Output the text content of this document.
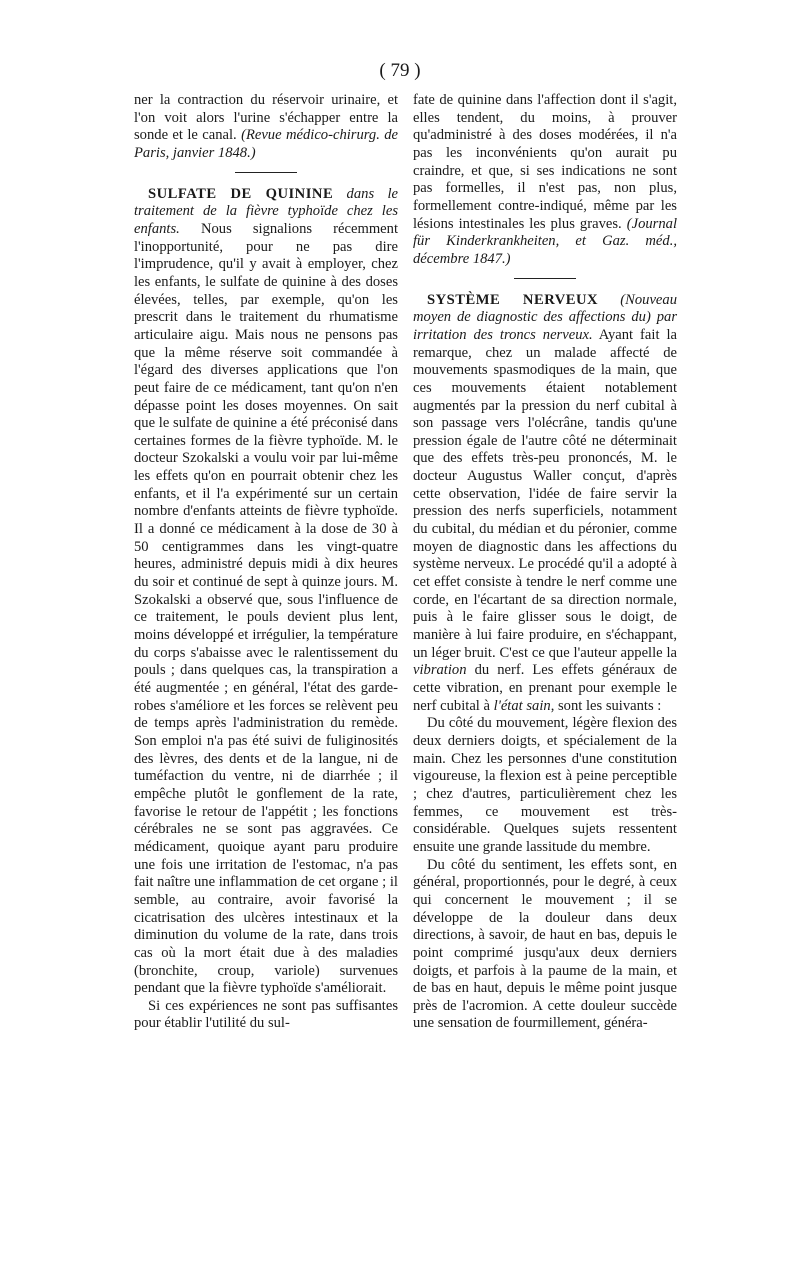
( 79 )

ner la contraction du réservoir urinaire, et l'on voit alors l'urine s'échapper entre la sonde et le canal. (Revue médico-chirurg. de Paris, janvier 1848.)

SULFATE DE QUININE dans le traitement de la fièvre typhoïde chez les enfants. Nous signalions récemment l'inopportunité, pour ne pas dire l'imprudence, qu'il y avait à employer, chez les enfants, le sulfate de quinine à des doses élevées, telles, par exemple, qu'on les prescrit dans le traitement du rhumatisme articulaire aigu. Mais nous ne pensons pas que la même réserve soit commandée à l'égard des diverses applications que l'on peut faire de ce médicament, tant qu'on n'en dépasse point les doses moyennes. On sait que le sulfate de quinine a été préconisé dans certaines formes de la fièvre typhoïde. M. le docteur Szokalski a voulu voir par lui-même les effets qu'on en pourrait obtenir chez les enfants, et il l'a expérimenté sur un certain nombre d'enfants atteints de fièvre typhoïde. Il a donné ce médicament à la dose de 30 à 50 centigrammes dans les vingt-quatre heures, administré depuis midi à dix heures du soir et continué de sept à quinze jours. M. Szokalski a observé que, sous l'influence de ce traitement, le pouls devient plus lent, moins développé et irrégulier, la température du corps s'abaisse avec le ralentissement du pouls ; dans quelques cas, la transpiration a été augmentée ; en général, l'état des garde-robes s'améliore et les forces se relèvent peu de temps après l'administration du remède. Son emploi n'a pas été suivi de fuliginosités des lèvres, des dents et de la langue, ni de tuméfaction du ventre, ni de diarrhée ; il empêche plutôt le gonflement de la rate, favorise le retour de l'appétit ; les fonctions cérébrales ne se sont pas aggravées. Ce médicament, quoique ayant paru produire une fois une irritation de l'estomac, n'a pas fait naître une inflammation de cet organe ; il semble, au contraire, avoir favorisé la cicatrisation des ulcères intestinaux et la diminution du volume de la rate, dans trois cas où la mort était due à des maladies (bronchite, croup, variole) survenues pendant que la fièvre typhoïde s'améliorait.

Si ces expériences ne sont pas suffisantes pour établir l'utilité du sul-

fate de quinine dans l'affection dont il s'agit, elles tendent, du moins, à prouver qu'administré à des doses modérées, il n'a pas les inconvénients qu'on aurait pu craindre, et que, si ses indications ne sont pas formelles, il n'est pas, non plus, formellement contre-indiqué, même par les lésions intestinales les plus graves. (Journal für Kinderkrankheiten, et Gaz. méd., décembre 1847.)

SYSTÈME NERVEUX (Nouveau moyen de diagnostic des affections du) par irritation des troncs nerveux. Ayant fait la remarque, chez un malade affecté de mouvements spasmodiques de la main, que ces mouvements étaient notablement augmentés par la pression du nerf cubital à son passage vers l'olécrâne, tandis qu'une pression égale de l'autre côté ne déterminait que des effets très-peu prononcés, M. le docteur Augustus Waller conçut, d'après cette observation, l'idée de faire servir la pression des nerfs superficiels, notamment du cubital, du médian et du péronier, comme moyen de diagnostic dans les affections du système nerveux. Le procédé qu'il a adopté à cet effet consiste à tendre le nerf comme une corde, en l'écartant de sa direction normale, puis à le faire glisser sous le doigt, de manière à lui faire produire, en s'échappant, un léger bruit. C'est ce que l'auteur appelle la vibration du nerf. Les effets généraux de cette vibration, en prenant pour exemple le nerf cubital à l'état sain, sont les suivants :

Du côté du mouvement, légère flexion des deux derniers doigts, et spécialement de la main. Chez les personnes d'une constitution vigoureuse, la flexion est à peine perceptible ; chez d'autres, particulièrement chez les femmes, ce mouvement est très-considérable. Quelques sujets ressentent ensuite une grande lassitude du membre.

Du côté du sentiment, les effets sont, en général, proportionnés, pour le degré, à ceux qui concernent le mouvement ; il se développe de la douleur dans deux directions, à savoir, de haut en bas, depuis le point comprimé jusqu'aux deux derniers doigts, et parfois à la paume de la main, et de bas en haut, depuis le même point jusque près de l'acromion. A cette douleur succède une sensation de fourmillement, généra-
